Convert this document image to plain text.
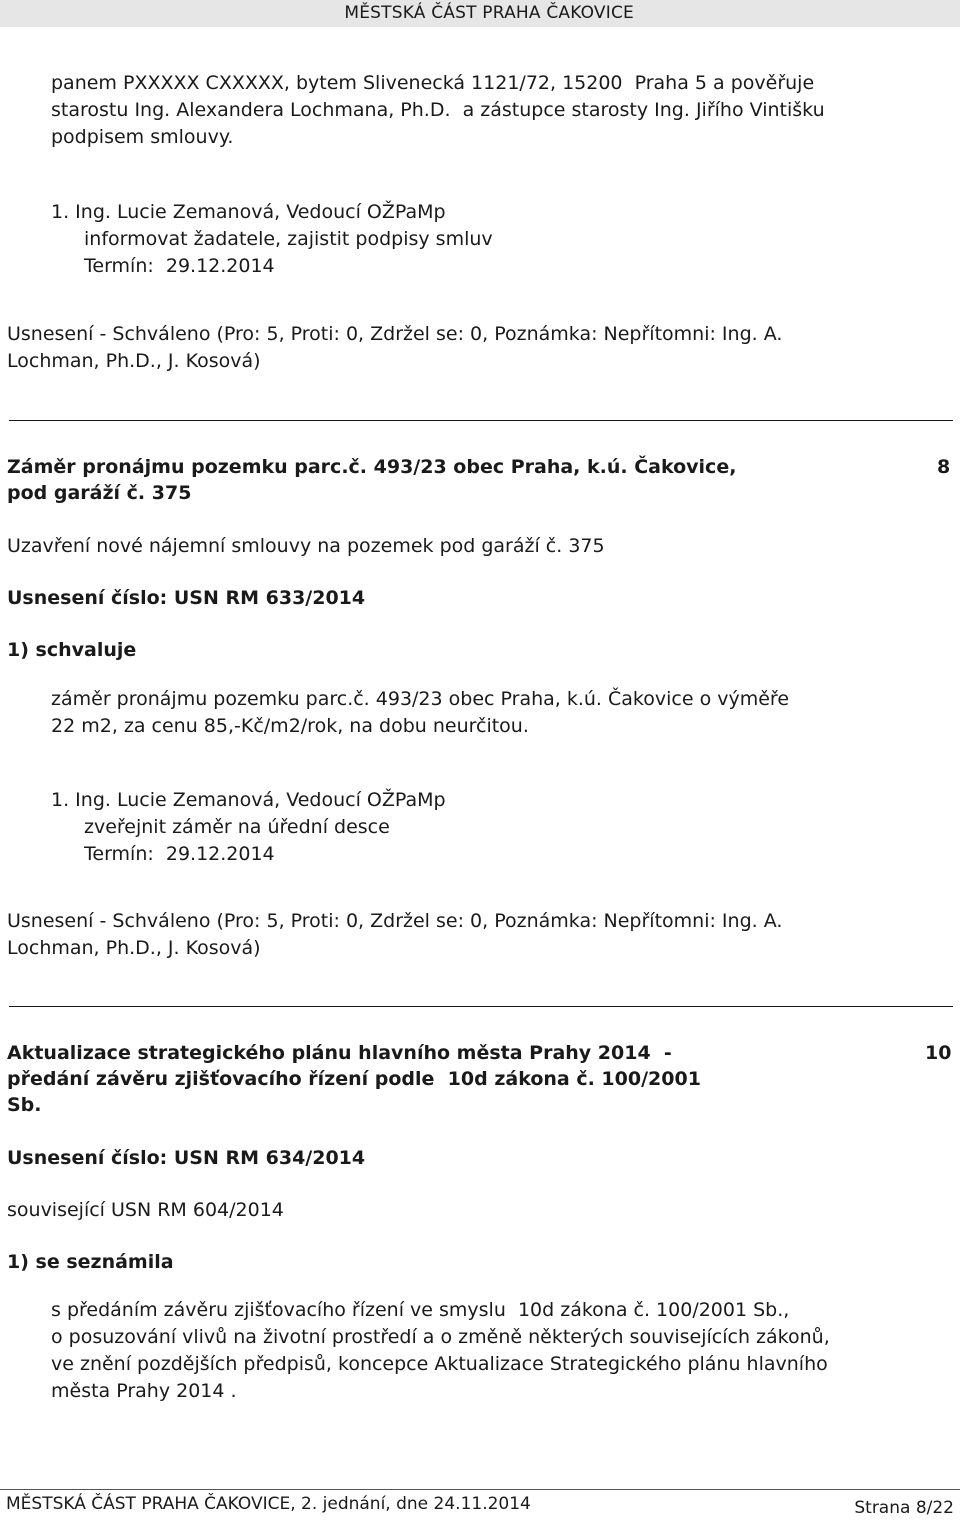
MĚSTSKÁ ČÁST PRAHA ČAKOVICE
panem PXXXXX CXXXXX, bytem Slivenecká 1121/72, 15200  Praha 5 a pověřuje
starostu Ing. Alexandera Lochmana, Ph.D.  a zástupce starosty Ing. Jiřího Vintišku
podpisem smlouvy.
1. Ing. Lucie Zemanová, Vedoucí OŽPaMp
informovat žadatele, zajistit podpisy smluv
Termín:  29.12.2014
Usnesení - Schváleno (Pro: 5, Proti: 0, Zdržel se: 0, Poznámka: Nepřítomni: Ing. A.
Lochman, Ph.D., J. Kosová)
Záměr pronájmu pozemku parc.č. 493/23 obec Praha, k.ú. Čakovice,
pod garáží č. 375
8
Uzavření nové nájemní smlouvy na pozemek pod garáží č. 375
Usnesení číslo: USN RM 633/2014
1) schvaluje
záměr pronájmu pozemku parc.č. 493/23 obec Praha, k.ú. Čakovice o výměře
22 m2, za cenu 85,-Kč/m2/rok, na dobu neurčitou.
1. Ing. Lucie Zemanová, Vedoucí OŽPaMp
zveřejnit záměr na úřední desce
Termín:  29.12.2014
Usnesení - Schváleno (Pro: 5, Proti: 0, Zdržel se: 0, Poznámka: Nepřítomni: Ing. A.
Lochman, Ph.D., J. Kosová)
Aktualizace strategického plánu hlavního města Prahy 2014  -
předání závěru zjišťovacího řízení podle  10d zákona č. 100/2001
Sb.
10
Usnesení číslo: USN RM 634/2014
související USN RM 604/2014
1) se seznámila
s předáním závěru zjišťovacího řízení ve smyslu  10d zákona č. 100/2001 Sb.,
o posuzování vlivů na životní prostředí a o změně některých souvisejících zákonů,
ve znění pozdějších předpisů, koncepce Aktualizace Strategického plánu hlavního
města Prahy 2014 .
MĚSTSKÁ ČÁST PRAHA ČAKOVICE, 2. jednání, dne 24.11.2014	Strana 8/22
